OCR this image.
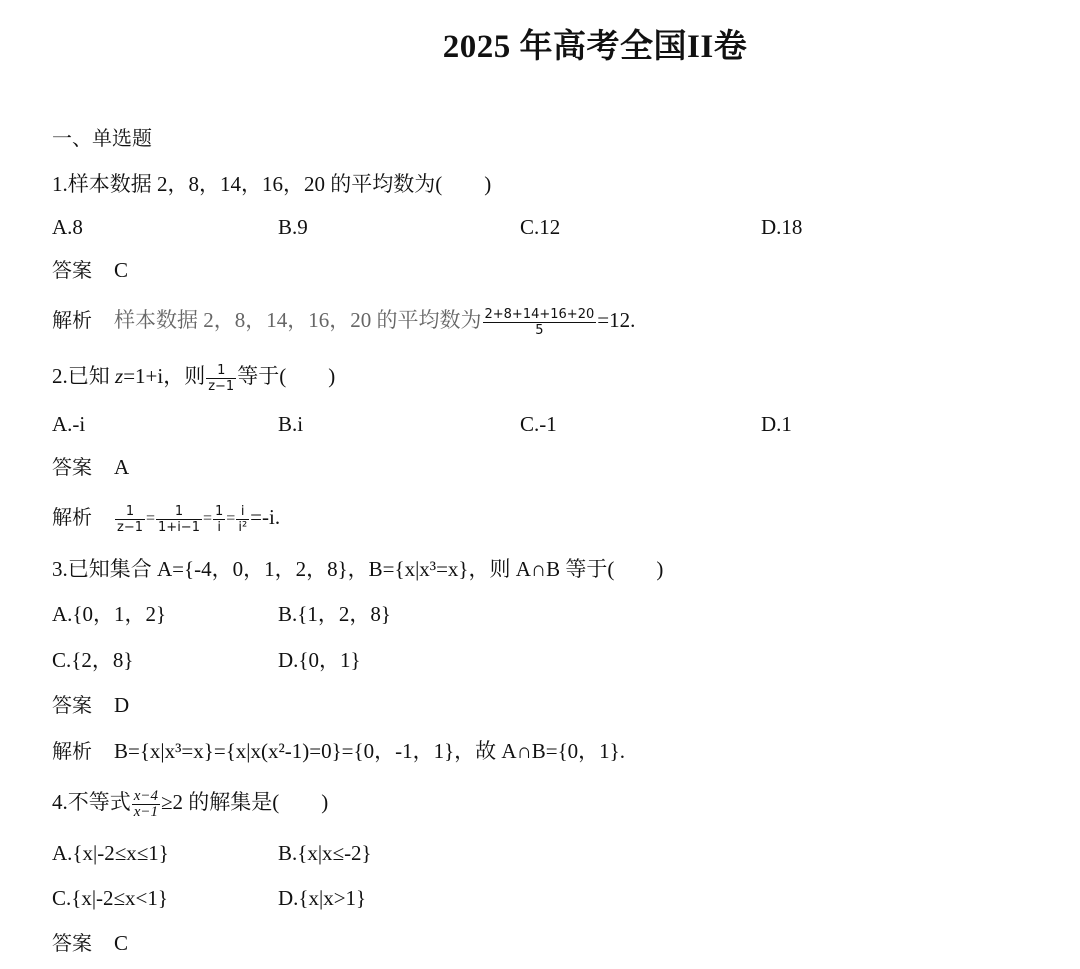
2025 年高考全国II卷
一、单选题
1.样本数据 2，8，14，16，20 的平均数为(　　)
A.8	B.9	C.12	D.18
答案 C
解析 样本数据 2，8，14，16，20 的平均数为 $\frac{2+8+14+16+20}{5} =12$.
2.已知 z=1+i，则 $\frac{1}{z-1}$ 等于(　　)
A.-i	B.i	C.-1	D.1
答案 A
解析 $\frac{1}{z-1} = \frac{1}{1+i-1} = \frac{1}{i} = \frac{i}{\text{i²}} =-i$.
3.已知集合 A={-4，0，1，2，8}，B={x|x³=x}，则 A∩B 等于(　　)
A.{0，1，2}	B.{1，2，8}
C.{2，8}	D.{0，1}
答案 D
解析 B={x|x³=x}={x|x(x²-1)=0}={0，-1，1}，故 A∩B={0，1}.
4.不等式 $\frac{x-4}{x-1} \ge 2$ 的解集是(　　)
A.{x|-2≤x≤1}	B.{x|x≤-2}
C.{x|-2≤x<1}	D.{x|x>1}
答案 C
